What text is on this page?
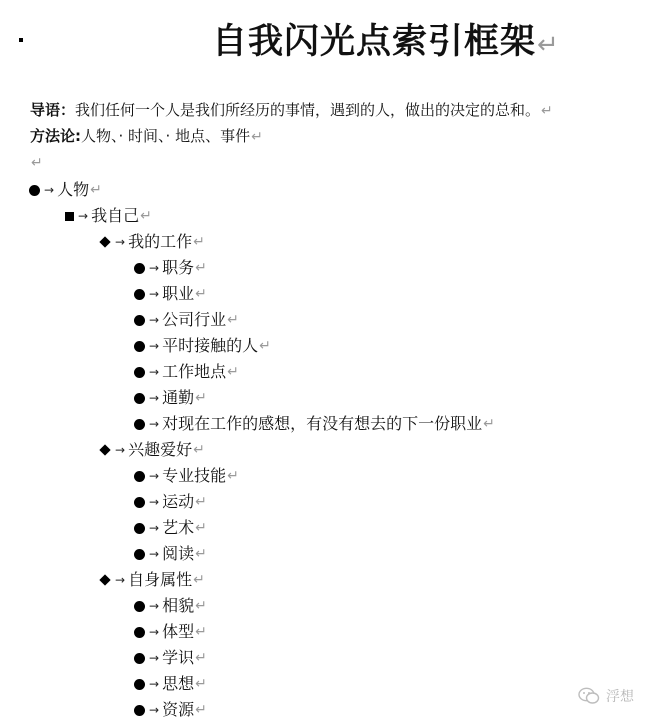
自我闪光点索引框架↵
导语：我们任何一个人是我们所经历的事情，遇到的人，做出的决定的总和。↵
方法论:人物、· 时间、· 地点、事件↵
↵
→ 人物 ↵
→ 我自己 ↵
→ 我的工作 ↵
→ 职务 ↵
→ 职业 ↵
→ 公司行业 ↵
→ 平时接触的人 ↵
→ 工作地点 ↵
→ 通勤 ↵
→ 对现在工作的感想，有没有想去的下一份职业 ↵
→ 兴趣爱好 ↵
→ 专业技能 ↵
→ 运动 ↵
→ 艺术 ↵
→ 阅读 ↵
→ 自身属性 ↵
→ 相貌 ↵
→ 体型 ↵
→ 学识 ↵
→ 思想 ↵
→ 资源 ↵
浮想
